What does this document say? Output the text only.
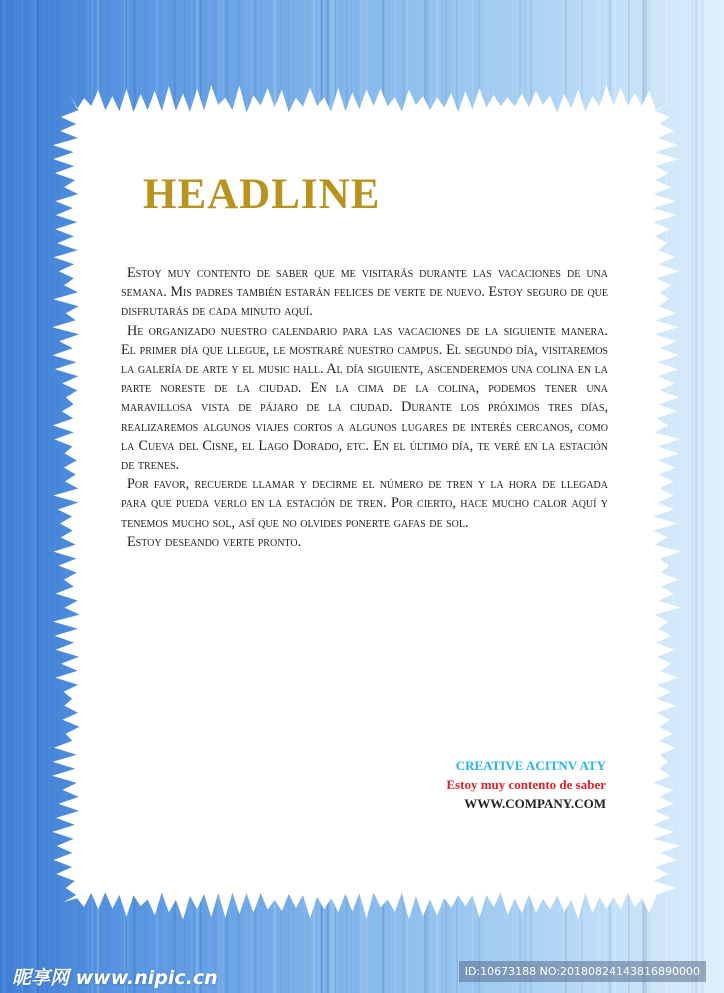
HEADLINE

Estoy muy contento de saber que me visitarás durante las vacaciones de una semana. Mis padres también estarán felices de verte de nuevo. Estoy seguro de que disfrutarás de cada minuto aquí.

He organizado nuestro calendario para las vacaciones de la siguiente manera. El primer día que llegue, le mostraré nuestro campus. El segundo día, visitaremos la galería de arte y el music hall. Al día siguiente, ascenderemos una colina en la parte noreste de la ciudad. En la cima de la colina, podemos tener una maravillosa vista de pájaro de la ciudad. Durante los próximos tres días, realizaremos algunos viajes cortos a algunos lugares de interés cercanos, como la Cueva del Cisne, el Lago Dorado, etc. En el último día, te veré en la estación de trenes.

Por favor, recuerde llamar y decirme el número de tren y la hora de llegada para que pueda verlo en la estación de tren. Por cierto, hace mucho calor aquí y tenemos mucho sol, así que no olvides ponerte gafas de sol.

Estoy deseando verte pronto.

CREATIVE ACITNV ATY
Estoy muy contento de saber
WWW.COMPANY.COM
昵享网 www.nipic.cn	ID:10673188 NO:20180824143816890000
